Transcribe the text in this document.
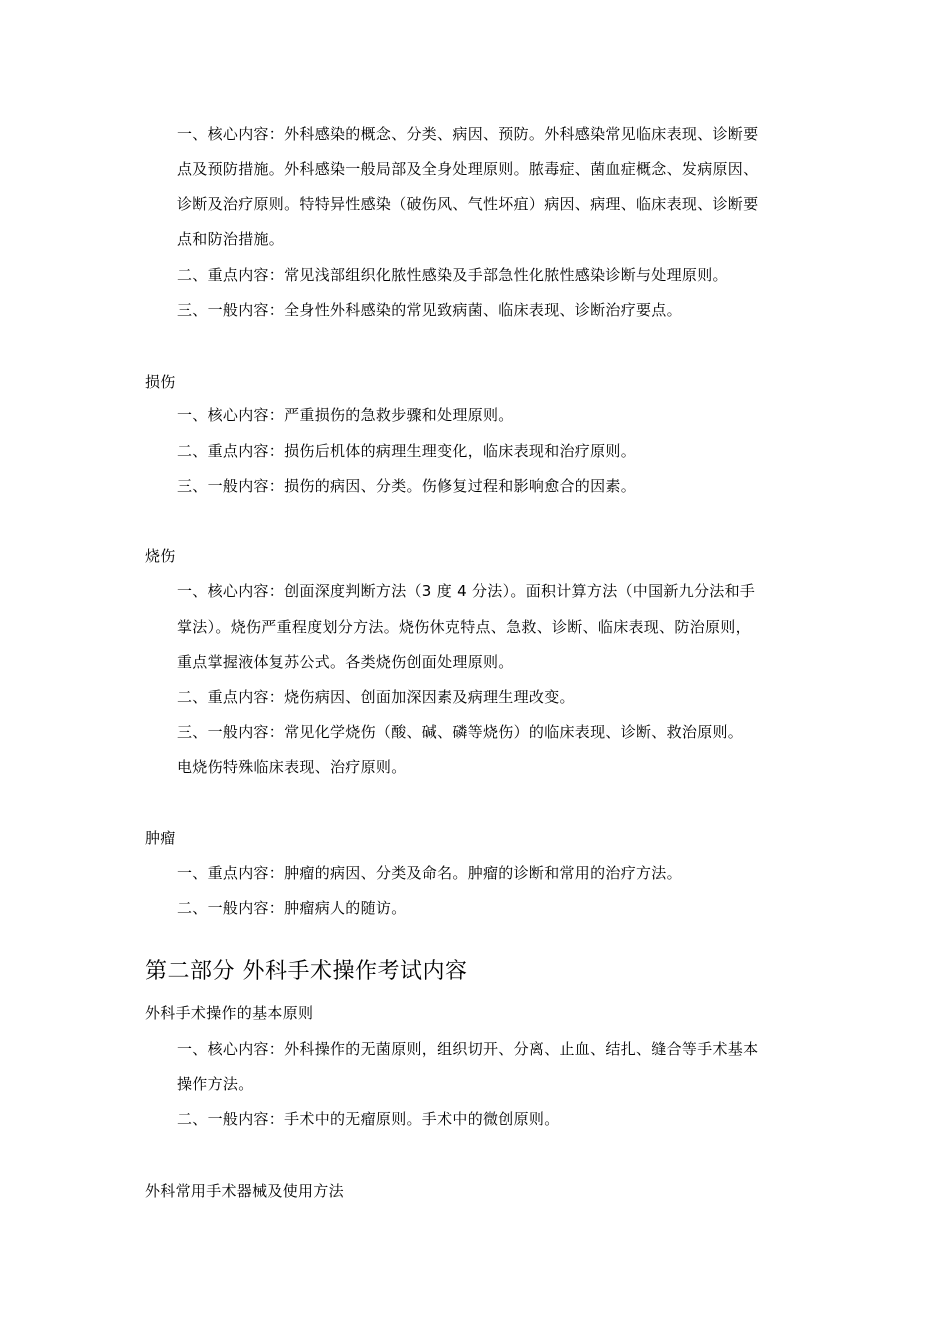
一、核心内容：外科感染的概念、分类、病因、预防。外科感染常见临床表现、诊断要
点及预防措施。外科感染一般局部及全身处理原则。脓毒症、菌血症概念、发病原因、
诊断及治疗原则。特特异性感染（破伤风、气性坏疽）病因、病理、临床表现、诊断要
点和防治措施。
二、重点内容：常见浅部组织化脓性感染及手部急性化脓性感染诊断与处理原则。
三、一般内容：全身性外科感染的常见致病菌、临床表现、诊断治疗要点。
损伤
一、核心内容：严重损伤的急救步骤和处理原则。
二、重点内容：损伤后机体的病理生理变化，临床表现和治疗原则。
三、一般内容：损伤的病因、分类。伤修复过程和影响愈合的因素。
烧伤
一、核心内容：创面深度判断方法（3 度 4 分法）。面积计算方法（中国新九分法和手
掌法）。烧伤严重程度划分方法。烧伤休克特点、急救、诊断、临床表现、防治原则，
重点掌握液体复苏公式。各类烧伤创面处理原则。
二、重点内容：烧伤病因、创面加深因素及病理生理改变。
三、一般内容：常见化学烧伤（酸、碱、磷等烧伤）的临床表现、诊断、救治原则。
电烧伤特殊临床表现、治疗原则。
肿瘤
一、重点内容：肿瘤的病因、分类及命名。肿瘤的诊断和常用的治疗方法。
二、一般内容：肿瘤病人的随访。
第二部分 外科手术操作考试内容
外科手术操作的基本原则
一、核心内容：外科操作的无菌原则，组织切开、分离、止血、结扎、缝合等手术基本
操作方法。
二、一般内容：手术中的无瘤原则。手术中的微创原则。
外科常用手术器械及使用方法
